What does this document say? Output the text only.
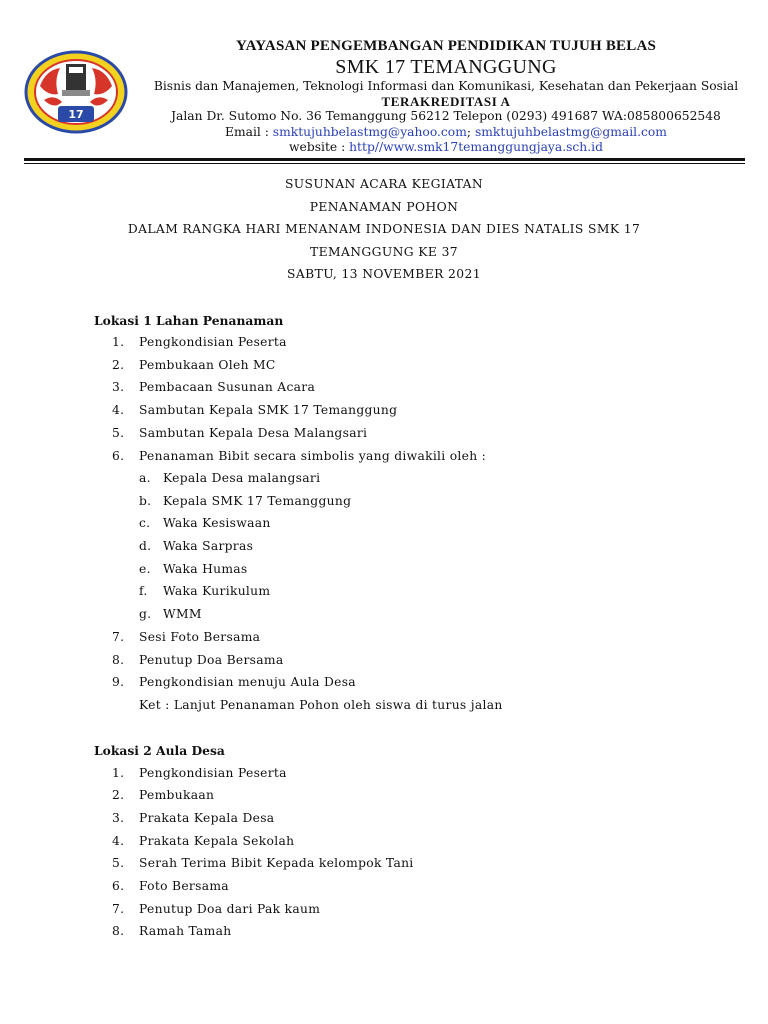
17
YAYASAN PENGEMBANGAN PENDIDIKAN TUJUH BELAS
SMK 17 TEMANGGUNG
Bisnis dan Manajemen, Teknologi Informasi dan Komunikasi, Kesehatan dan Pekerjaan Sosial
TERAKREDITASI A
Jalan Dr. Sutomo No. 36 Temanggung 56212 Telepon (0293) 491687 WA:085800652548
Email : smktujuhbelastmg@yahoo.com; smktujuhbelastmg@gmail.com
website : http//www.smk17temanggungjaya.sch.id
SUSUNAN ACARA KEGIATAN
PENANAMAN POHON
DALAM RANGKA HARI MENANAM INDONESIA DAN DIES NATALIS SMK 17
TEMANGGUNG KE 37
SABTU, 13 NOVEMBER 2021
Lokasi 1 Lahan Penanaman
1.	Pengkondisian Peserta
2.	Pembukaan Oleh MC
3.	Pembacaan Susunan Acara
4.	Sambutan Kepala SMK 17 Temanggung
5.	Sambutan Kepala Desa Malangsari
6.	Penanaman Bibit secara simbolis yang diwakili oleh :
a. Kepala Desa malangsari
b. Kepala SMK 17 Temanggung
c.	Waka Kesiswaan
d. Waka Sarpras
e. Waka Humas
f.	Waka Kurikulum
g. WMM
7.	Sesi Foto Bersama
8.	Penutup Doa Bersama
9.	Pengkondisian menuju Aula Desa
Ket : Lanjut Penanaman Pohon oleh siswa di turus jalan
Lokasi 2 Aula Desa
1.	Pengkondisian Peserta
2.	Pembukaan
3.	Prakata Kepala Desa
4.	Prakata Kepala Sekolah
5.	Serah Terima Bibit Kepada kelompok Tani
6.	Foto Bersama
7.	Penutup Doa dari Pak kaum
8.	Ramah Tamah
